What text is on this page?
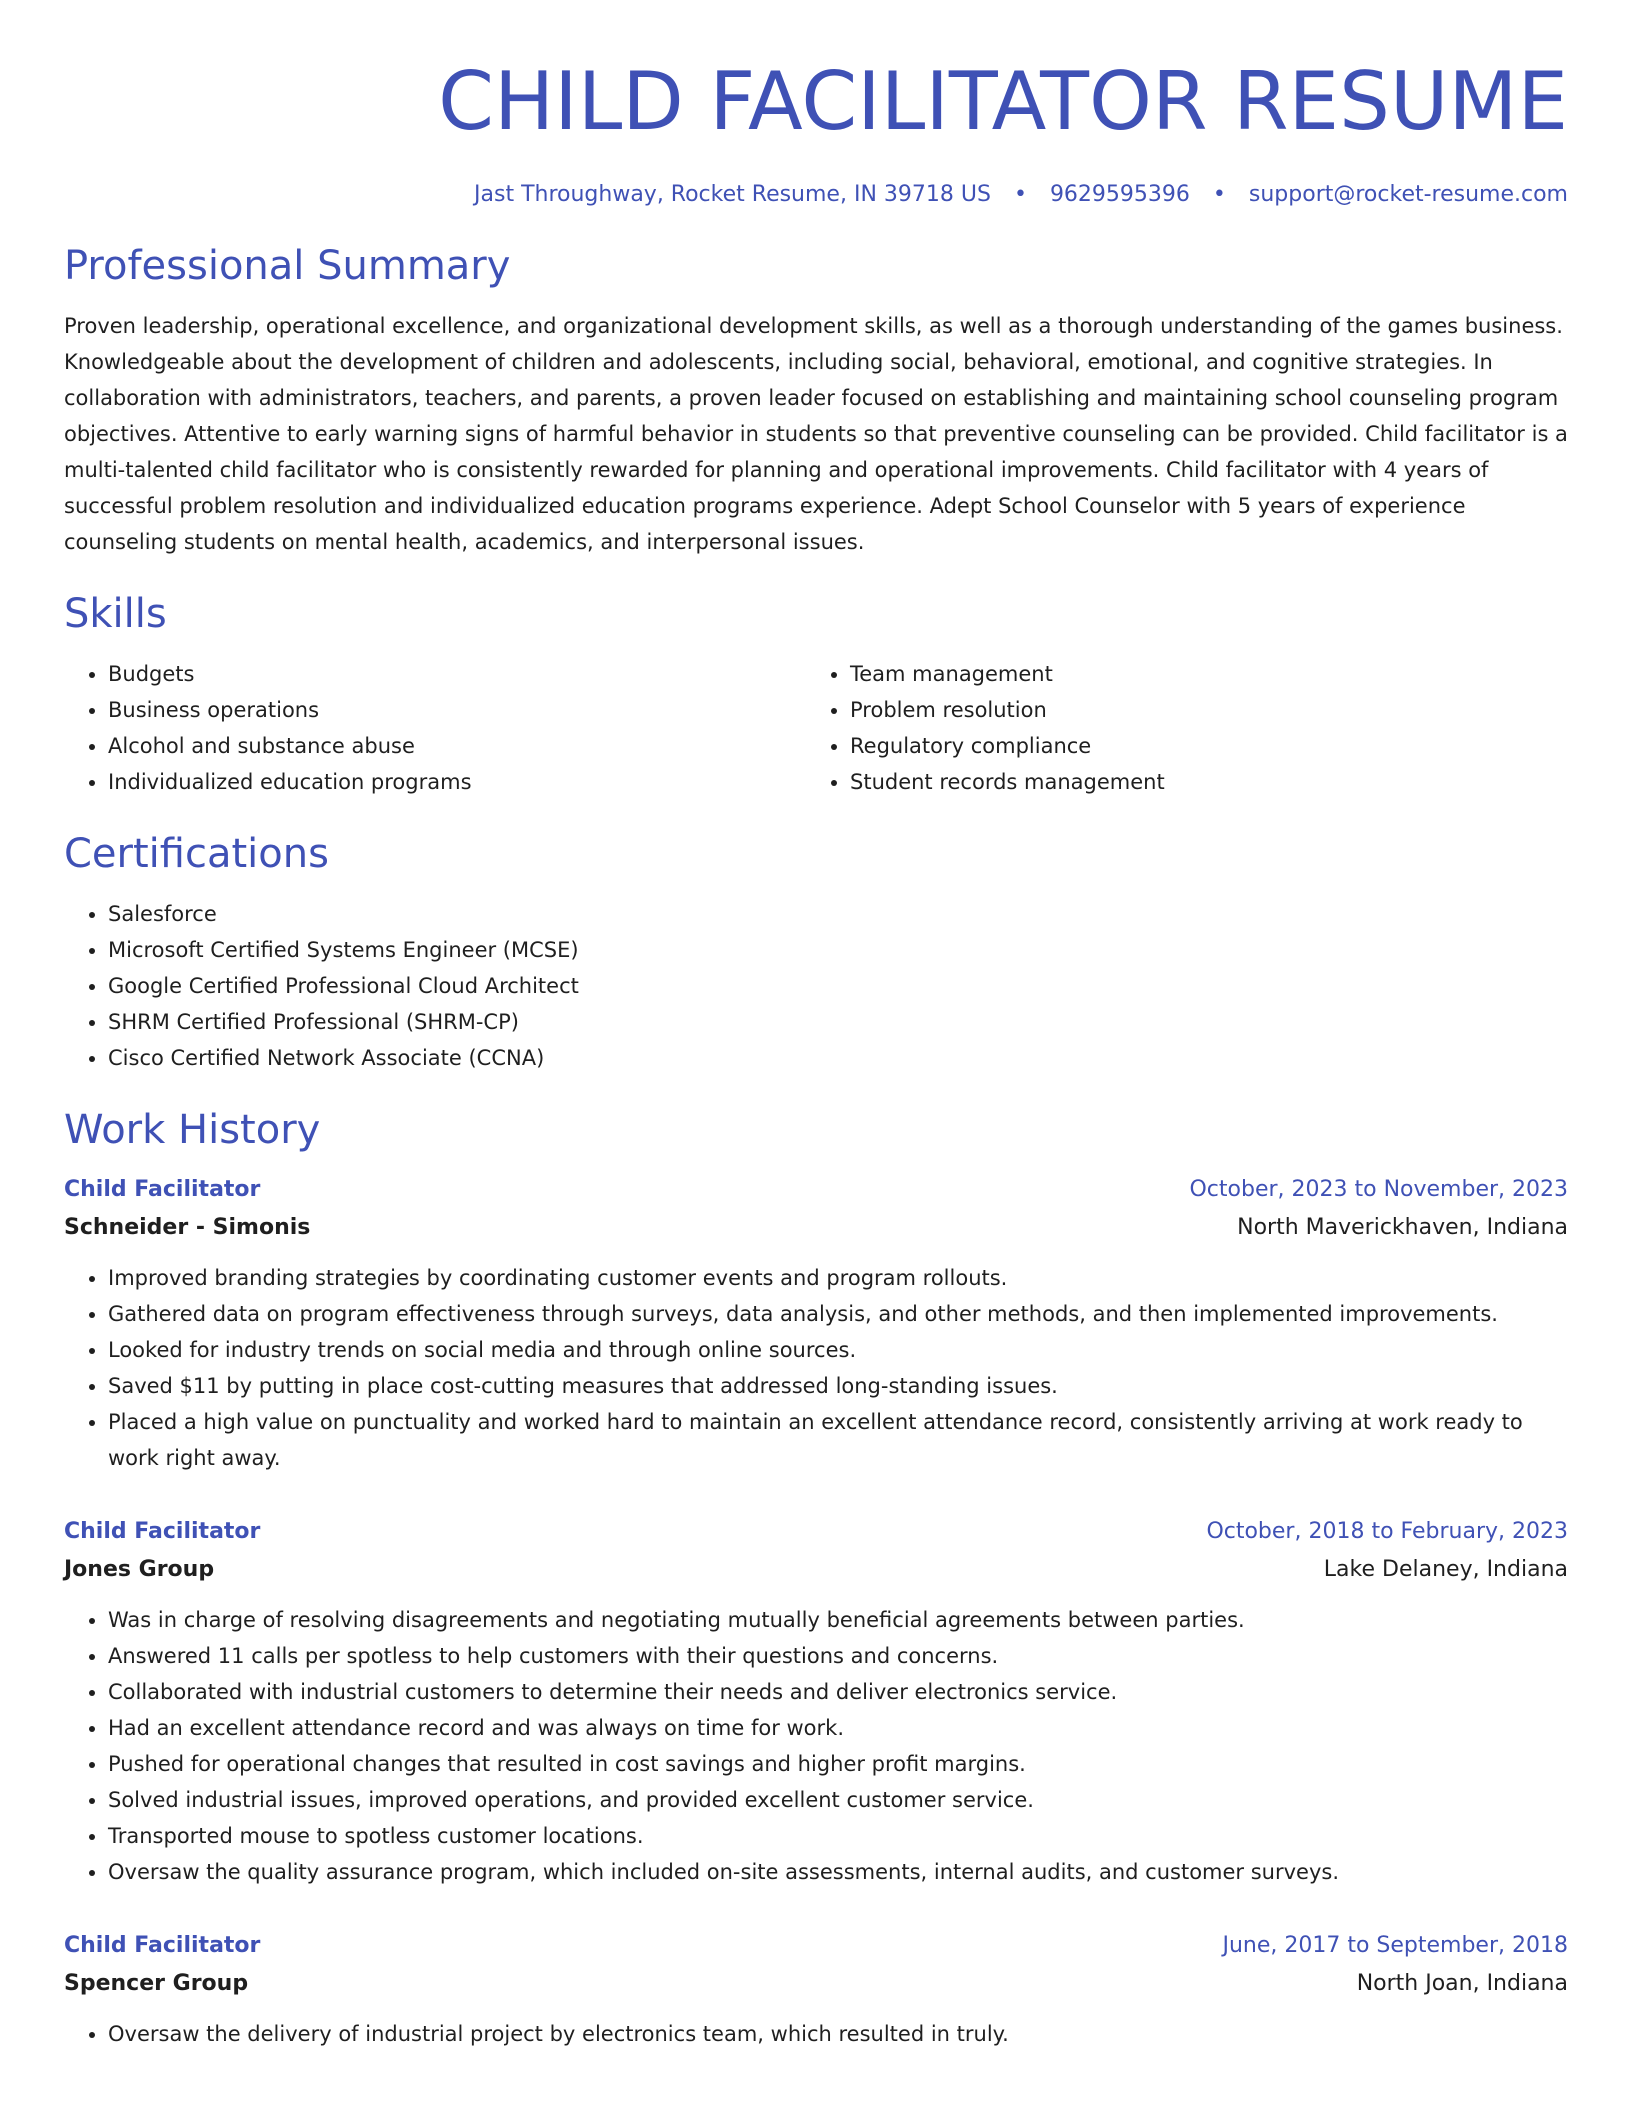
CHILD FACILITATOR RESUME
Jast Throughway, Rocket Resume, IN 39718 US • 9629595396 • support@rocket-resume.com
Professional Summary

Proven leadership, operational excellence, and organizational development skills, as well as a thorough understanding of the games business. Knowledgeable about the development of children and adolescents, including social, behavioral, emotional, and cognitive strategies. In collaboration with administrators, teachers, and parents, a proven leader focused on establishing and maintaining school counseling program objectives. Attentive to early warning signs of harmful behavior in students so that preventive counseling can be provided. Child facilitator is a multi-talented child facilitator who is consistently rewarded for planning and operational improvements. Child facilitator with 4 years of successful problem resolution and individualized education programs experience. Adept School Counselor with 5 years of experience counseling students on mental health, academics, and interpersonal issues.

Skills
• Budgets
• Business operations
• Alcohol and substance abuse
• Individualized education programs
• Team management
• Problem resolution
• Regulatory compliance
• Student records management
Certifications
• Salesforce
• Microsoft Certified Systems Engineer (MCSE)
• Google Certified Professional Cloud Architect
• SHRM Certified Professional (SHRM-CP)
• Cisco Certified Network Associate (CCNA)
Work History
Child Facilitator	October, 2023 to November, 2023
Schneider - Simonis	North Maverickhaven, Indiana
• Improved branding strategies by coordinating customer events and program rollouts.
• Gathered data on program effectiveness through surveys, data analysis, and other methods, and then implemented improvements.
• Looked for industry trends on social media and through online sources.
• Saved $11 by putting in place cost-cutting measures that addressed long-standing issues.
• Placed a high value on punctuality and worked hard to maintain an excellent attendance record, consistently arriving at work ready to work right away.
Child Facilitator	October, 2018 to February, 2023
Jones Group	Lake Delaney, Indiana
• Was in charge of resolving disagreements and negotiating mutually beneficial agreements between parties.
• Answered 11 calls per spotless to help customers with their questions and concerns.
• Collaborated with industrial customers to determine their needs and deliver electronics service.
• Had an excellent attendance record and was always on time for work.
• Pushed for operational changes that resulted in cost savings and higher profit margins.
• Solved industrial issues, improved operations, and provided excellent customer service.
• Transported mouse to spotless customer locations.
• Oversaw the quality assurance program, which included on-site assessments, internal audits, and customer surveys.
Child Facilitator	June, 2017 to September, 2018
Spencer Group	North Joan, Indiana
• Oversaw the delivery of industrial project by electronics team, which resulted in truly.
